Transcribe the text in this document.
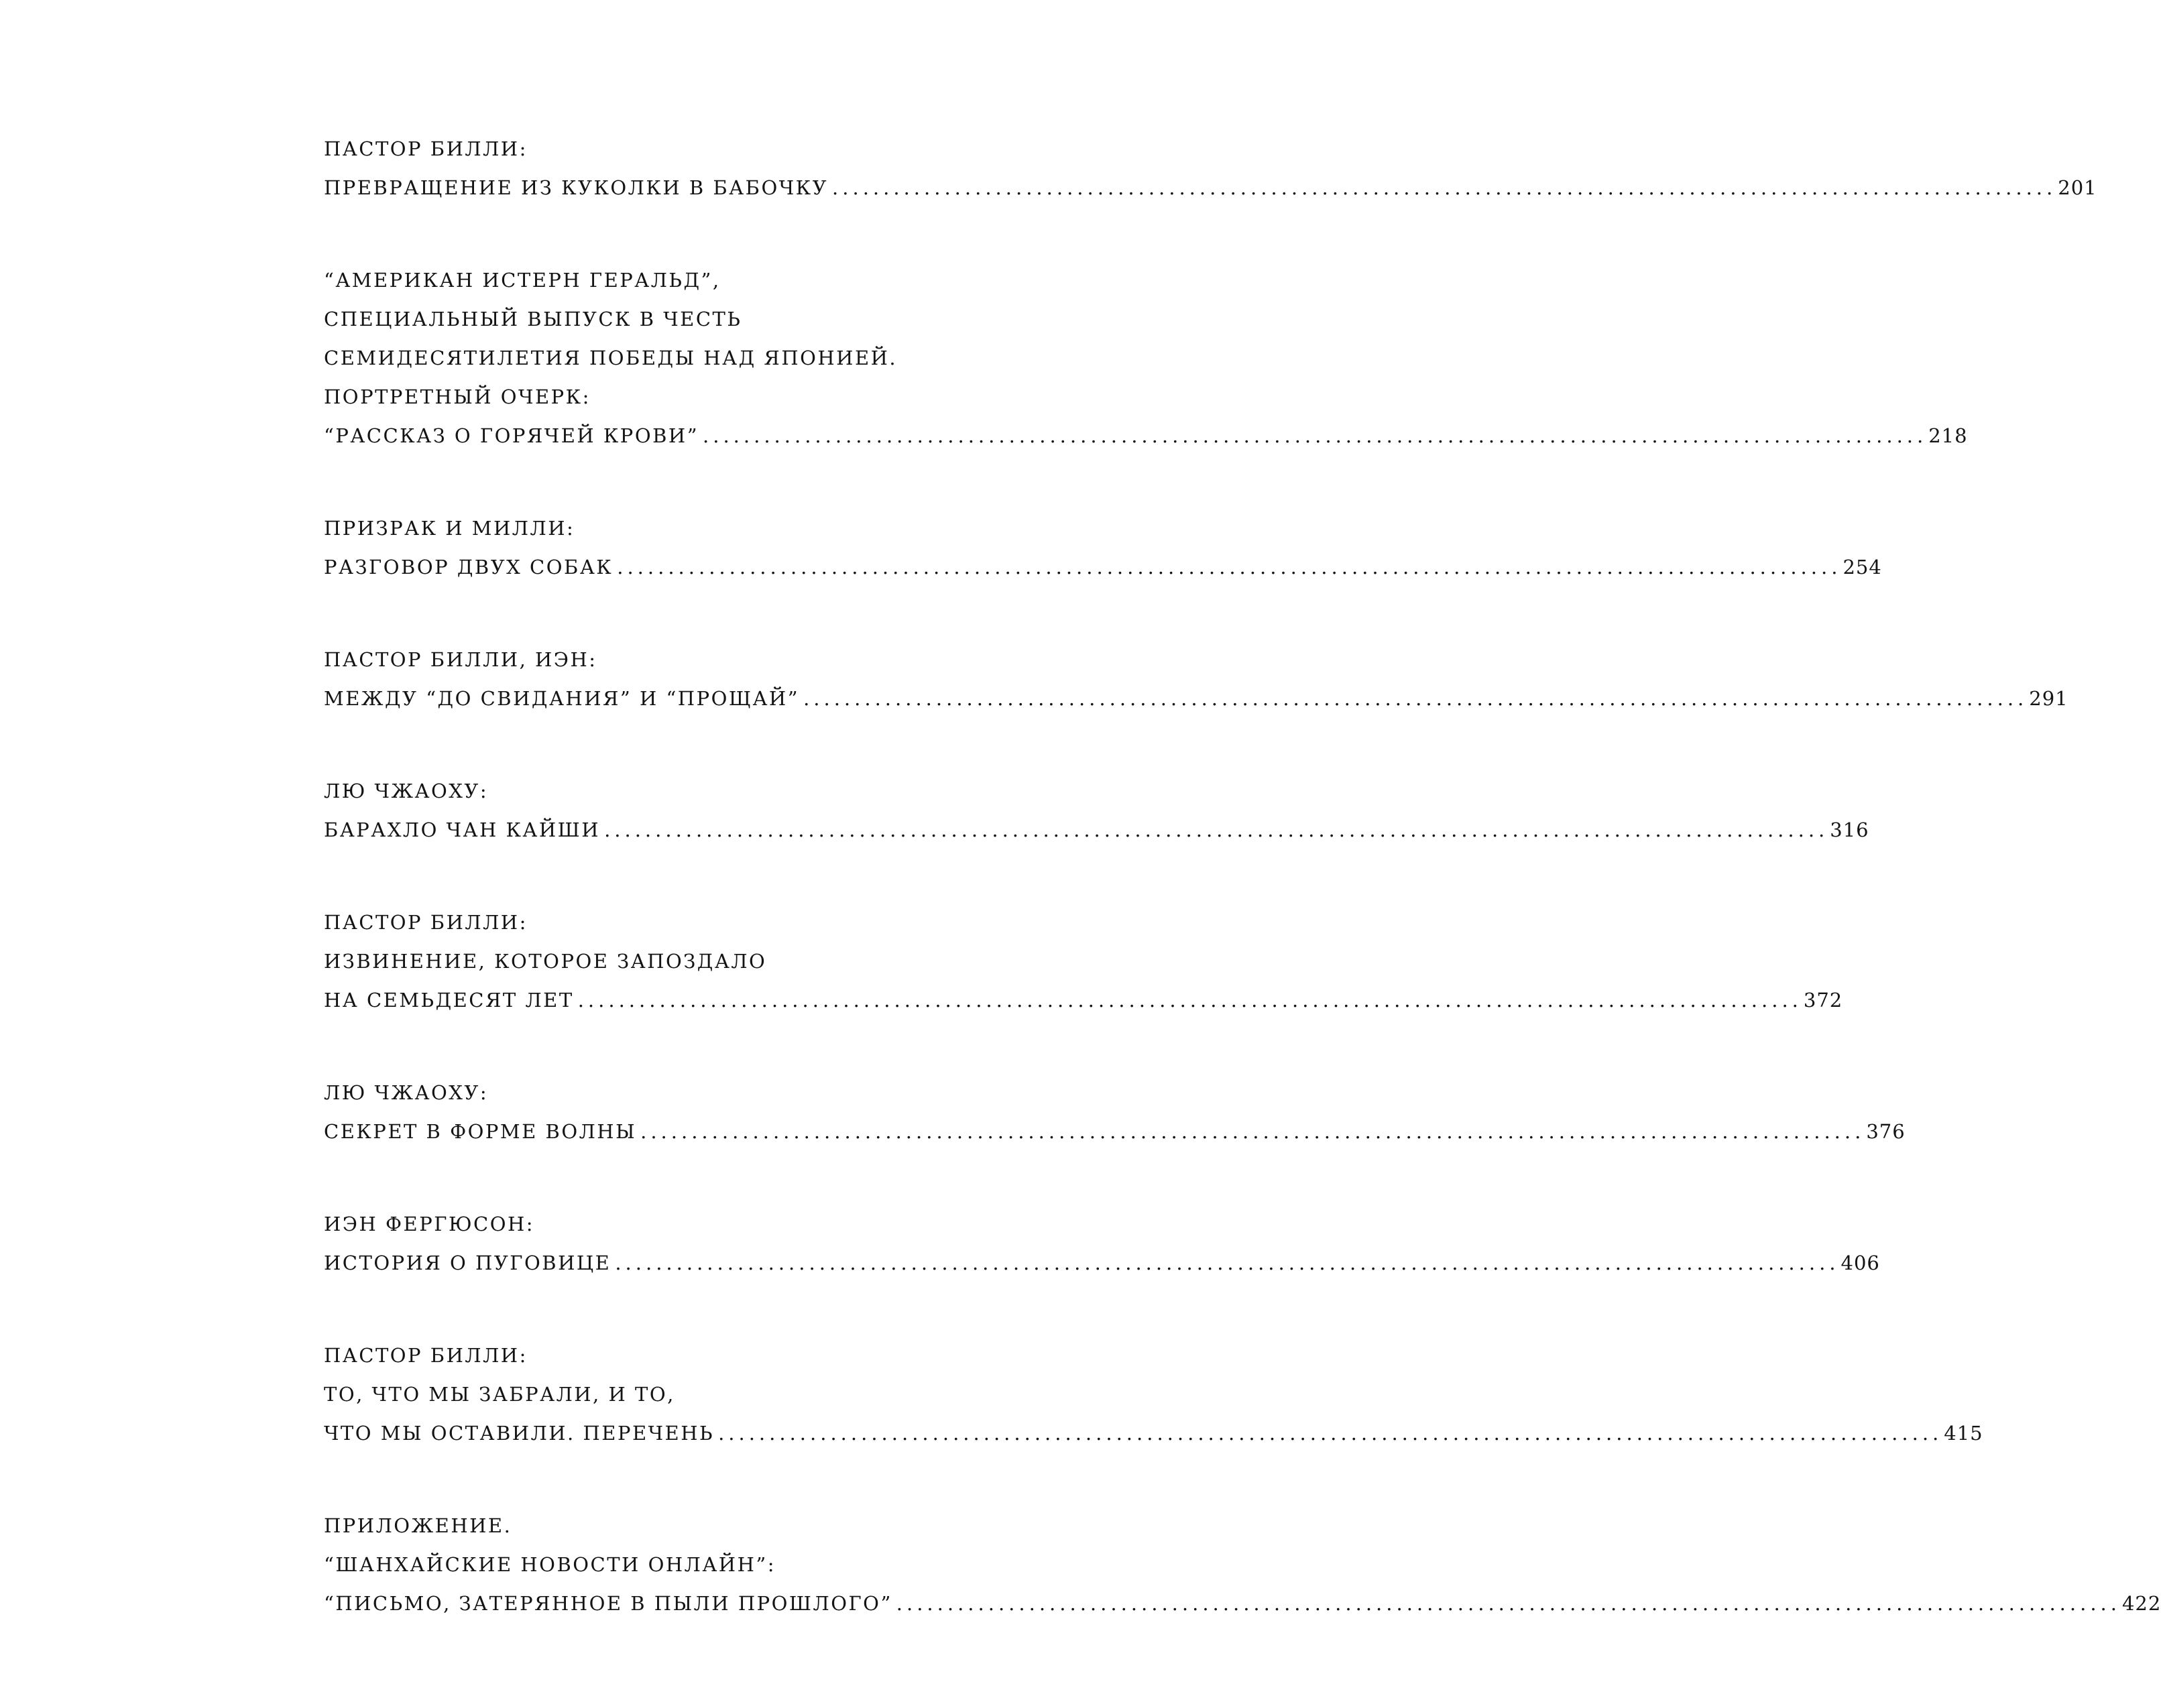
ПАСТОР БИЛЛИ:
ПРЕВРАЩЕНИЕ ИЗ КУКОЛКИ В БАБОЧКУ ........................................................................................................................ 201
“АМЕРИКАН ИСТЕРН ГЕРАЛЬД”,
СПЕЦИАЛЬНЫЙ ВЫПУСК В ЧЕСТЬ
СЕМИДЕСЯТИЛЕТИЯ ПОБЕДЫ НАД ЯПОНИЕЙ.
ПОРТРЕТНЫЙ ОЧЕРК:
“РАССКАЗ О ГОРЯЧЕЙ КРОВИ” ........................................................................................................................ 218
ПРИЗРАК И МИЛЛИ:
РАЗГОВОР ДВУХ СОБАК ........................................................................................................................ 254
ПАСТОР БИЛЛИ, ИЭН:
МЕЖДУ “ДО СВИДАНИЯ” И “ПРОЩАЙ” ........................................................................................................................ 291
ЛЮ ЧЖАОХУ:
БАРАХЛО ЧАН КАЙШИ ........................................................................................................................ 316
ПАСТОР БИЛЛИ:
ИЗВИНЕНИЕ, КОТОРОЕ ЗАПОЗДАЛО
НА СЕМЬДЕСЯТ ЛЕТ ........................................................................................................................ 372
ЛЮ ЧЖАОХУ:
СЕКРЕТ В ФОРМЕ ВОЛНЫ ........................................................................................................................ 376
ИЭН ФЕРГЮСОН:
ИСТОРИЯ О ПУГОВИЦЕ ........................................................................................................................ 406
ПАСТОР БИЛЛИ:
ТО, ЧТО МЫ ЗАБРАЛИ, И ТО,
ЧТО МЫ ОСТАВИЛИ. ПЕРЕЧЕНЬ ........................................................................................................................ 415
ПРИЛОЖЕНИЕ.
“ШАНХАЙСКИЕ НОВОСТИ ОНЛАЙН”:
“ПИСЬМО, ЗАТЕРЯННОЕ В ПЫЛИ ПРОШЛОГО” ........................................................................................................................ 422
